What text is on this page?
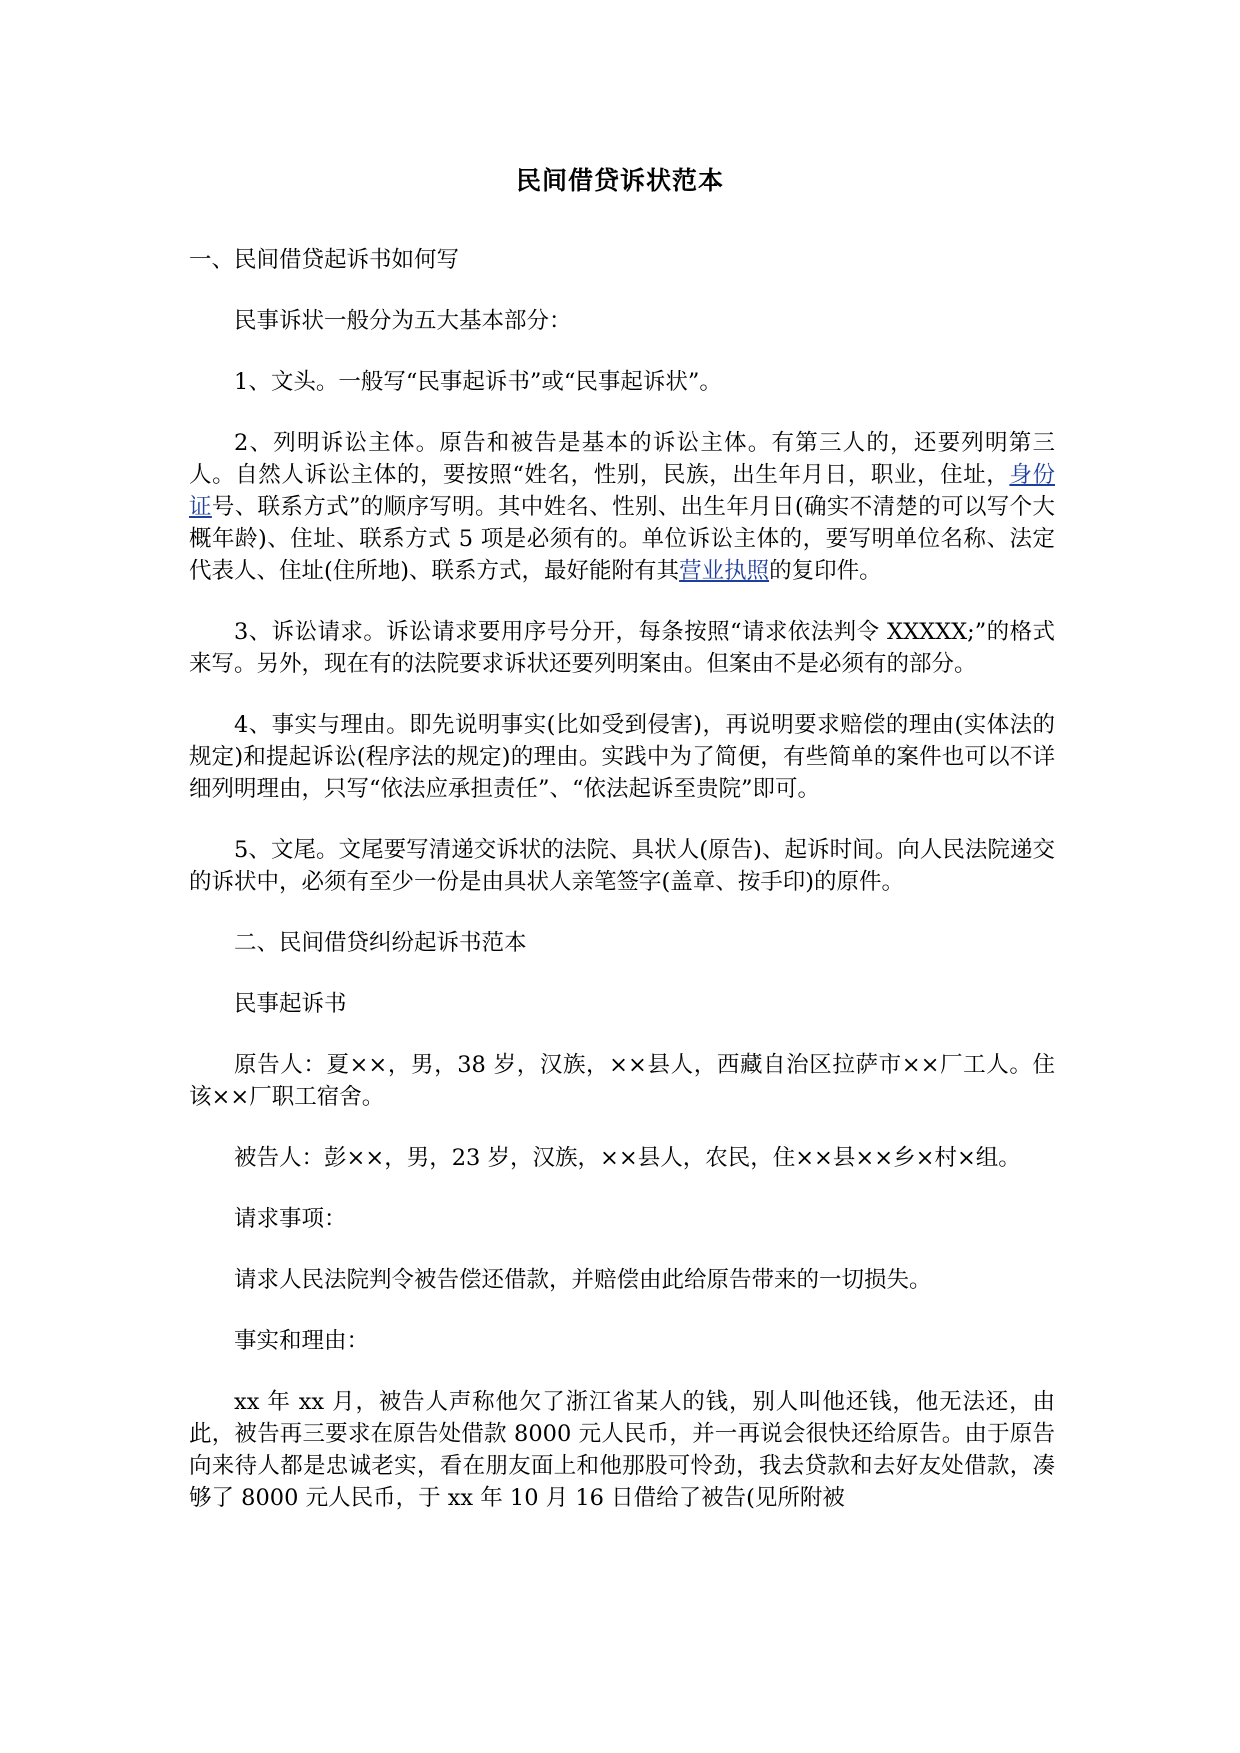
民间借贷诉状范本

一、民间借贷起诉书如何写

民事诉状一般分为五大基本部分：

1、文头。一般写“民事起诉书”或“民事起诉状”。

2、列明诉讼主体。原告和被告是基本的诉讼主体。有第三人的，还要列明第三人。自然人诉讼主体的，要按照“姓名，性别，民族，出生年月日，职业，住址，身份证号、联系方式”的顺序写明。其中姓名、性别、出生年月日(确实不清楚的可以写个大概年龄)、住址、联系方式 5 项是必须有的。单位诉讼主体的，要写明单位名称、法定代表人、住址(住所地)、联系方式，最好能附有其营业执照的复印件。

3、诉讼请求。诉讼请求要用序号分开，每条按照“请求依法判令 XXXXX;”的格式来写。另外，现在有的法院要求诉状还要列明案由。但案由不是必须有的部分。

4、事实与理由。即先说明事实(比如受到侵害)，再说明要求赔偿的理由(实体法的规定)和提起诉讼(程序法的规定)的理由。实践中为了简便，有些简单的案件也可以不详细列明理由，只写“依法应承担责任”、“依法起诉至贵院”即可。

5、文尾。文尾要写清递交诉状的法院、具状人(原告)、起诉时间。向人民法院递交的诉状中，必须有至少一份是由具状人亲笔签字(盖章、按手印)的原件。

二、民间借贷纠纷起诉书范本

民事起诉书

原告人：夏××，男，38 岁，汉族，××县人，西藏自治区拉萨市××厂工人。住该××厂职工宿舍。

被告人：彭××，男，23 岁，汉族，××县人，农民，住××县××乡×村×组。

请求事项：

请求人民法院判令被告偿还借款，并赔偿由此给原告带来的一切损失。

事实和理由：

xx 年 xx 月，被告人声称他欠了浙江省某人的钱，别人叫他还钱，他无法还，由此，被告再三要求在原告处借款 8000 元人民币，并一再说会很快还给原告。由于原告向来待人都是忠诚老实，看在朋友面上和他那股可怜劲，我去贷款和去好友处借款，凑够了 8000 元人民币，于 xx 年 10 月 16 日借给了被告(见所附被
